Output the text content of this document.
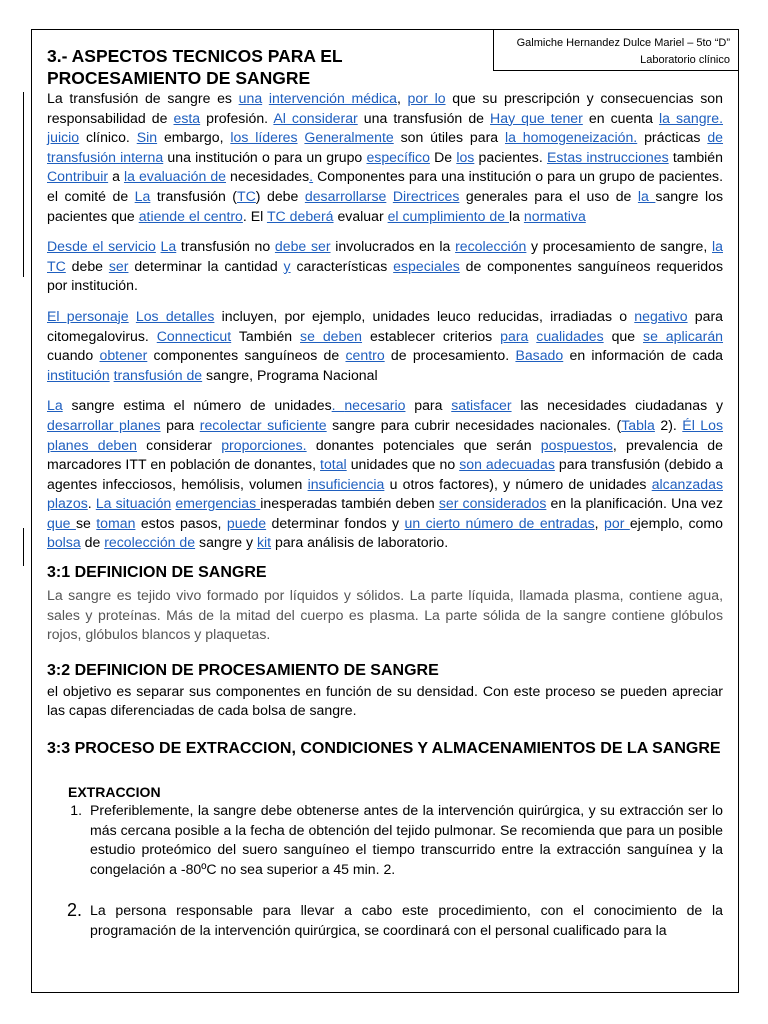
Galmiche Hernandez Dulce Mariel – 5to “D”
Laboratorio clínico
3.- ASPECTOS TECNICOS PARA EL PROCESAMIENTO DE SANGRE

La transfusión de sangre es una intervención médica, por lo que su prescripción y consecuencias son responsabilidad de esta profesión. Al considerar una transfusión de Hay que tener en cuenta la sangre. juicio clínico. Sin embargo, los líderes Generalmente son útiles para la homogeneización. prácticas de transfusión interna una institución o para un grupo específico De los pacientes. Estas instrucciones también Contribuir a la evaluación de necesidades. Componentes para una institución o para un grupo de pacientes. el comité de La transfusión (TC) debe desarrollarse Directrices generales para el uso de la sangre los pacientes que atiende el centro. El TC deberá evaluar el cumplimiento de la normativa

Desde el servicio La transfusión no debe ser involucrados en la recolección y procesamiento de sangre, la TC debe ser determinar la cantidad y características especiales de componentes sanguíneos requeridos por institución.

El personaje Los detalles incluyen, por ejemplo, unidades leuco reducidas, irradiadas o negativo para citomegalovirus. Connecticut También se deben establecer criterios para cualidades que se aplicarán cuando obtener componentes sanguíneos de centro de procesamiento. Basado en información de cada institución transfusión de sangre, Programa Nacional

La sangre estima el número de unidades. necesario para satisfacer las necesidades ciudadanas y desarrollar planes para recolectar suficiente sangre para cubrir necesidades nacionales. (Tabla 2). Él Los planes deben considerar proporciones. donantes potenciales que serán pospuestos, prevalencia de marcadores ITT en población de donantes, total unidades que no son adecuadas para transfusión (debido a agentes infecciosos, hemólisis, volumen insuficiencia u otros factores), y número de unidades alcanzadas plazos. La situación emergencias inesperadas también deben ser considerados en la planificación. Una vez que se toman estos pasos, puede determinar fondos y un cierto número de entradas, por ejemplo, como bolsa de recolección de sangre y kit para análisis de laboratorio.

3:1 DEFINICION DE SANGRE

La sangre es tejido vivo formado por líquidos y sólidos. La parte líquida, llamada plasma, contiene agua, sales y proteínas. Más de la mitad del cuerpo es plasma. La parte sólida de la sangre contiene glóbulos rojos, glóbulos blancos y plaquetas.

3:2 DEFINICION DE PROCESAMIENTO DE SANGRE

el objetivo es separar sus componentes en función de su densidad. Con este proceso se pueden apreciar las capas diferenciadas de cada bolsa de sangre.

3:3 PROCESO DE EXTRACCION, CONDICIONES Y ALMACENAMIENTOS DE LA SANGRE
EXTRACCION
1. Preferiblemente, la sangre debe obtenerse antes de la intervención quirúrgica, y su extracción ser lo más cercana posible a la fecha de obtención del tejido pulmonar. Se recomienda que para un posible estudio proteómico del suero sanguíneo el tiempo transcurrido entre la extracción sanguínea y la congelación a -80ºC no sea superior a 45 min. 2.
2. La persona responsable para llevar a cabo este procedimiento, con el conocimiento de la programación de la intervención quirúrgica, se coordinará con el personal cualificado para la
